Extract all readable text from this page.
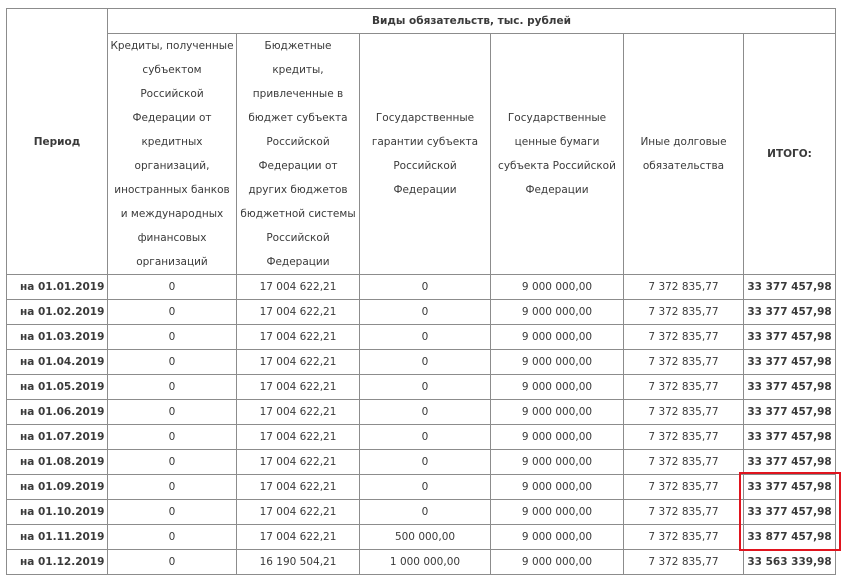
Период	Виды обязательств, тыс. рублей					
	Кредиты, полученные субъектом Российской Федерации от кредитных организаций, иностранных банков и международных финансовых организаций	Бюджетные кредиты, привлеченные в бюджет субъекта Российской Федерации от других бюджетов бюджетной системы Российской Федерации	Государственные гарантии субъекта Российской Федерации	Государственные ценные бумаги субъекта Российской Федерации	Иные долговые обязательства	ИТОГО:
на 01.01.2019	0	17 004 622,21	0	9 000 000,00	7 372 835,77	33 377 457,98
на 01.02.2019	0	17 004 622,21	0	9 000 000,00	7 372 835,77	33 377 457,98
на 01.03.2019	0	17 004 622,21	0	9 000 000,00	7 372 835,77	33 377 457,98
на 01.04.2019	0	17 004 622,21	0	9 000 000,00	7 372 835,77	33 377 457,98
на 01.05.2019	0	17 004 622,21	0	9 000 000,00	7 372 835,77	33 377 457,98
на 01.06.2019	0	17 004 622,21	0	9 000 000,00	7 372 835,77	33 377 457,98
на 01.07.2019	0	17 004 622,21	0	9 000 000,00	7 372 835,77	33 377 457,98
на 01.08.2019	0	17 004 622,21	0	9 000 000,00	7 372 835,77	33 377 457,98
на 01.09.2019	0	17 004 622,21	0	9 000 000,00	7 372 835,77	33 377 457,98
на 01.10.2019	0	17 004 622,21	0	9 000 000,00	7 372 835,77	33 377 457,98
на 01.11.2019	0	17 004 622,21	500 000,00	9 000 000,00	7 372 835,77	33 877 457,98
на 01.12.2019	0	16 190 504,21	1 000 000,00	9 000 000,00	7 372 835,77	33 563 339,98
